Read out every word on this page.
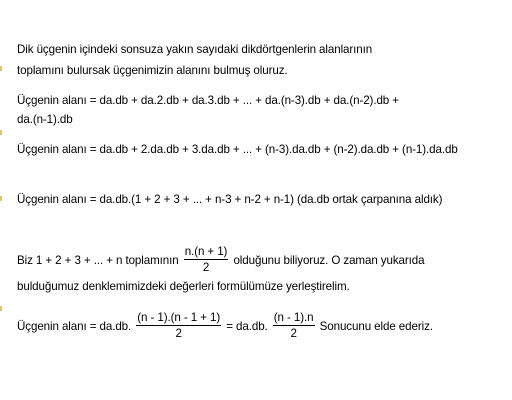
Dik üçgenin içindeki sonsuza yakın sayıdaki dikdörtgenlerin alanlarının
toplamını bulursak üçgenimizin alanını bulmuş oluruz.
Üçgenin alanı = da.db + da.2.db + da.3.db + ... + da.(n-3).db + da.(n-2).db +
da.(n-1).db
Üçgenin alanı = da.db + 2.da.db + 3.da.db + ... + (n-3).da.db + (n-2).da.db + (n-1).da.db
Üçgenin alanı = da.db.(1 + 2 + 3 + ... + n-3 + n-2 + n-1) (da.db ortak çarpanına aldık)
Biz 1 + 2 + 3 + ... + n toplamının $\frac{n.(n + 1)}{2}$ olduğunu biliyoruz. O zaman yukarıda
bulduğumuz denklemimizdeki değerleri formülümüze yerleştirelim.
Üçgenin alanı = da.db. $\frac{(n - 1).(n - 1 + 1)}{2} = da.db$. $\frac{(n - 1).n}{2}$ Sonucunu elde ederiz.
